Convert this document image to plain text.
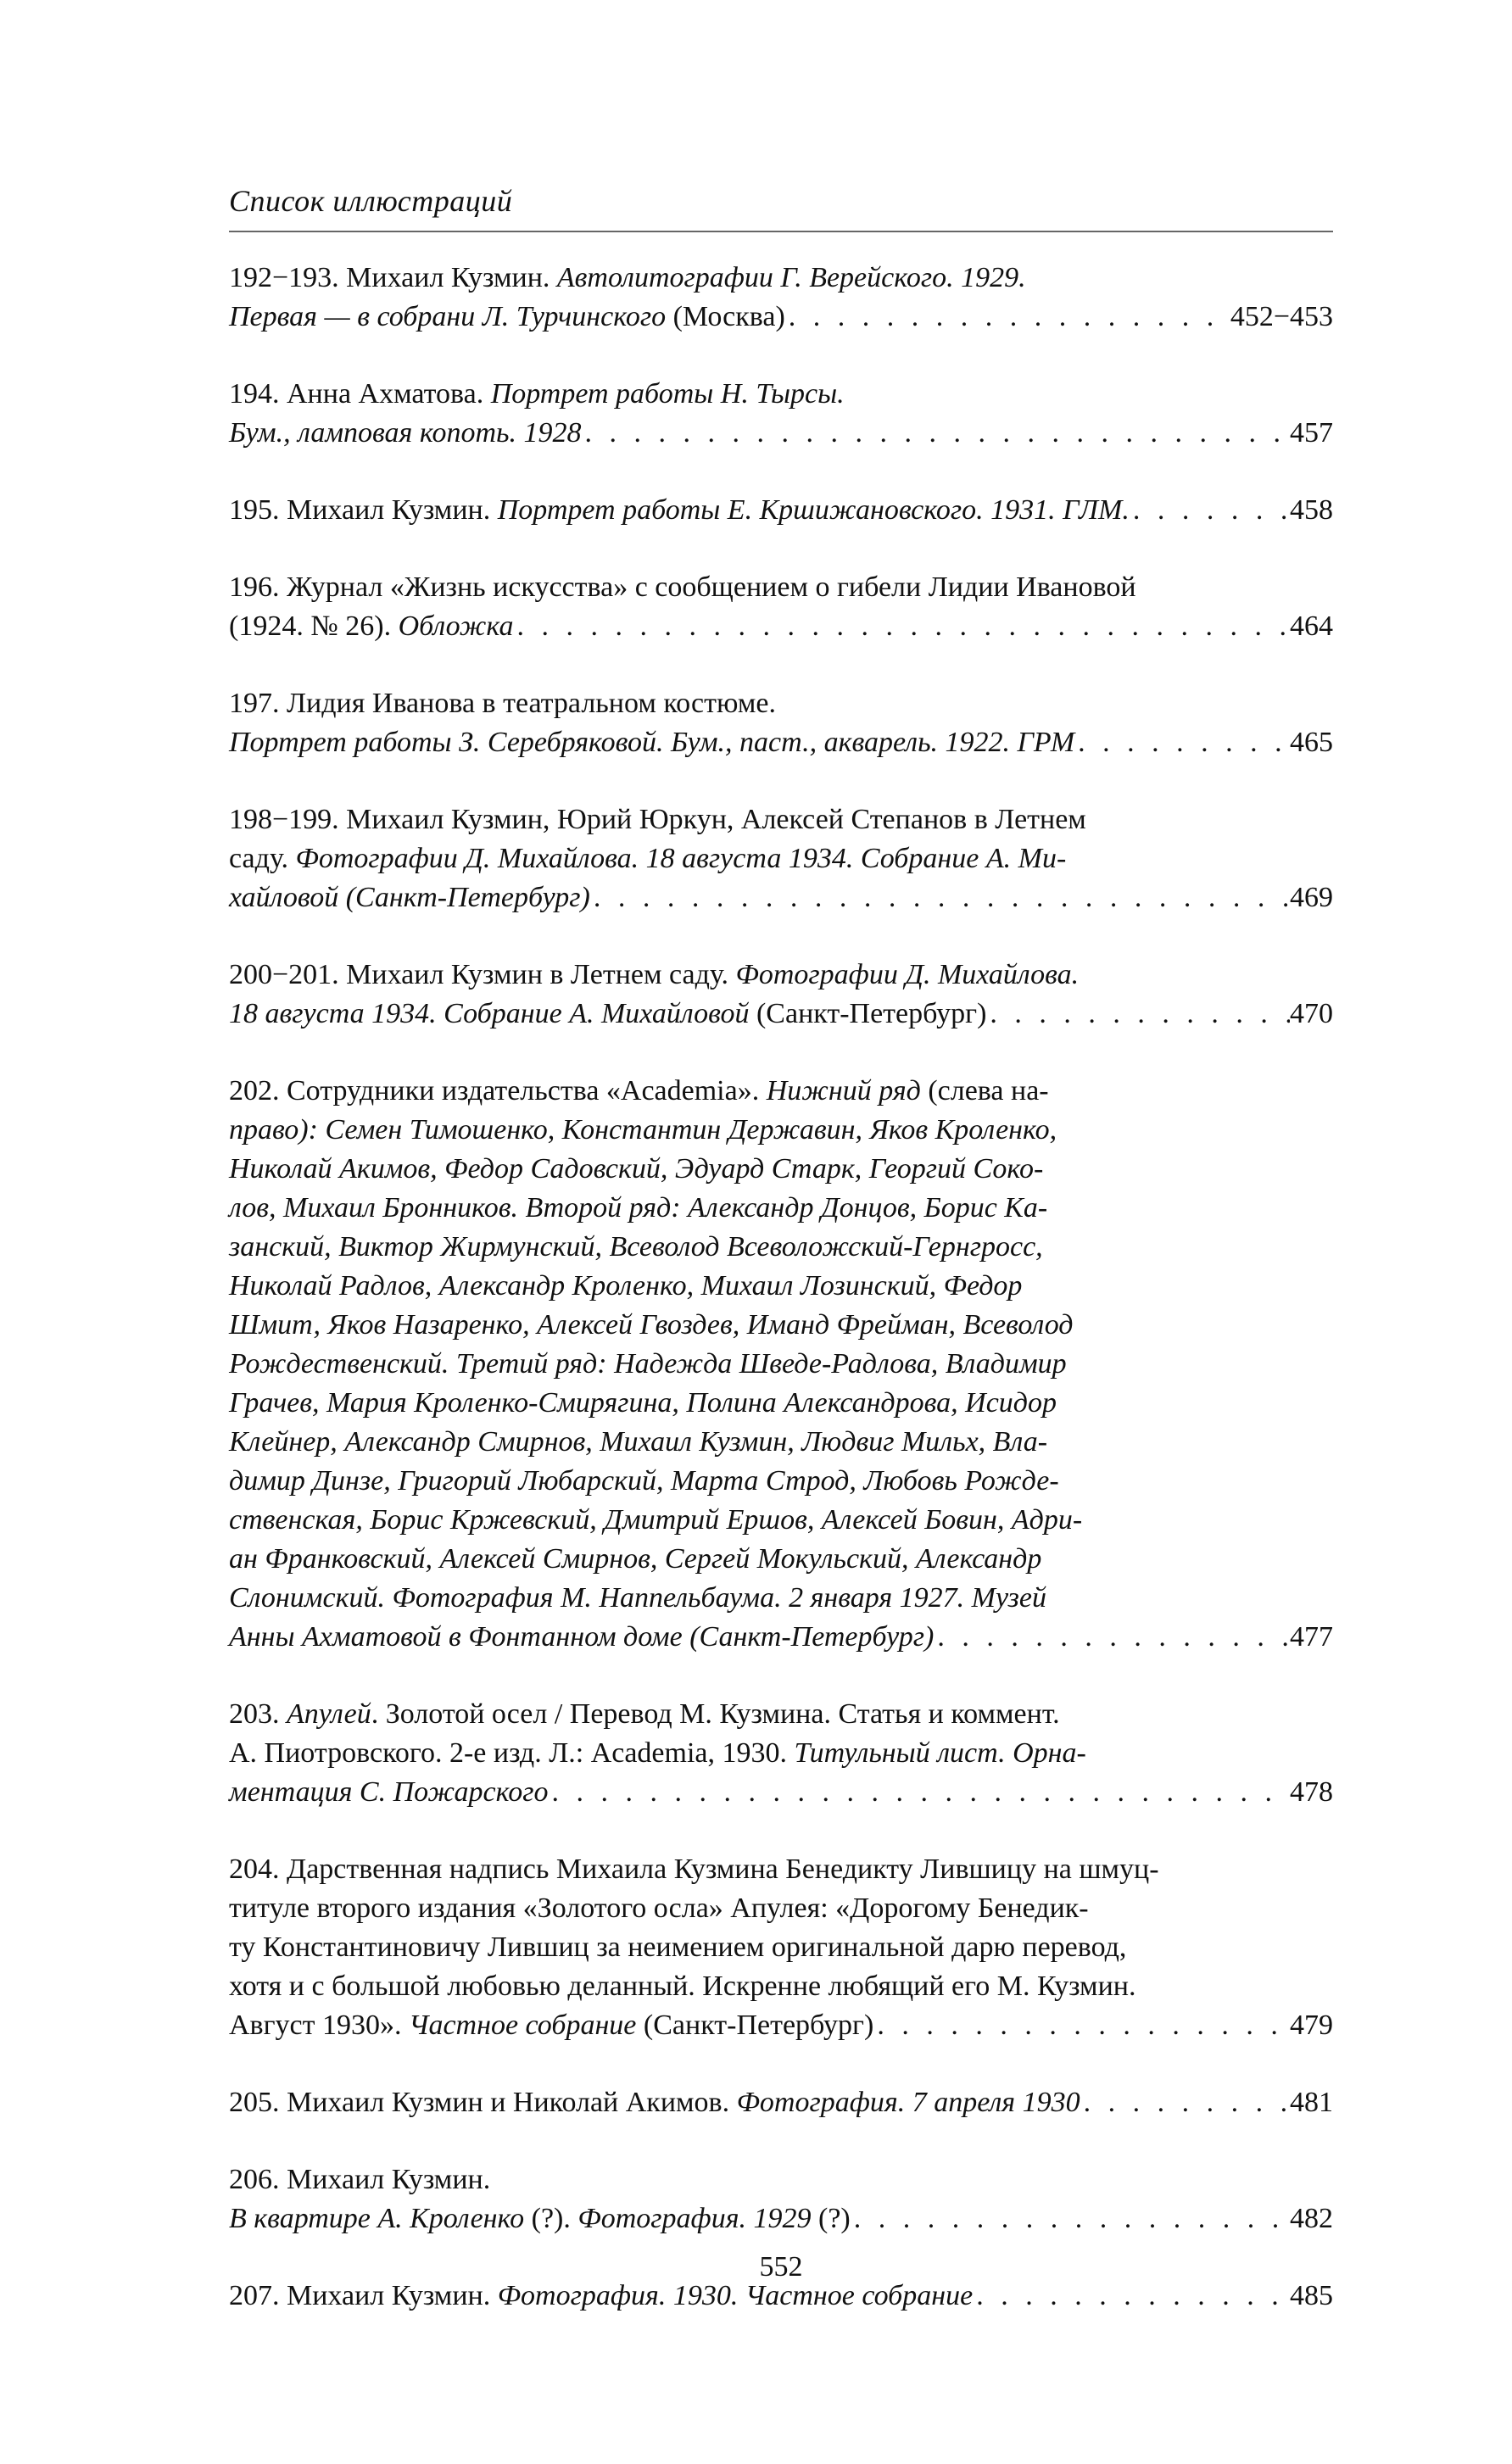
Список иллюстраций
192−193. Михаил Кузмин. Автолитографии Г. Верейского. 1929.
Первая — в собрани Л. Турчинского (Москва) . . .	452−453
194. Анна Ахматова. Портрет работы Н. Тырсы.
Бум., ламповая копоть. 1928 . . .	457
195. Михаил Кузмин. Портрет работы Е. Кршижановского. 1931. ГЛМ. . . .	458
196. Журнал «Жизнь искусства» с сообщением о гибели Лидии Ивановой
(1924. № 26). Обложка . . .	464
197. Лидия Иванова в театральном костюме.
Портрет работы З. Серебряковой. Бум., паст., акварель. 1922. ГРМ . . .	465
198−199. Михаил Кузмин, Юрий Юркун, Алексей Степанов в Летнем
саду. Фотографии Д. Михайлова. 18 августа 1934. Собрание А. Ми-
хайловой (Санкт-Петербург) . . .	469
200−201. Михаил Кузмин в Летнем саду. Фотографии Д. Михайлова.
18 августа 1934. Собрание А. Михайловой (Санкт-Петербург) . . .	470
202. Сотрудники издательства «Academia». Нижний ряд (слева на-
право): Семен Тимошенко, Константин Державин, Яков Кроленко,
Николай Акимов, Федор Садовский, Эдуард Старк, Георгий Соко-
лов, Михаил Бронников. Второй ряд: Александр Донцов, Борис Ка-
занский, Виктор Жирмунский, Всеволод Всеволожский-Гернгросс,
Николай Радлов, Александр Кроленко, Михаил Лозинский, Федор
Шмит, Яков Назаренко, Алексей Гвоздев, Иманд Фрейман, Всеволод
Рождественский. Третий ряд: Надежда Шведе-Радлова, Владимир
Грачев, Мария Кроленко-Смирягина, Полина Александрова, Исидор
Клейнер, Александр Смирнов, Михаил Кузмин, Людвиг Мильх, Вла-
димир Динзе, Григорий Любарский, Марта Строд, Любовь Рожде-
ственская, Борис Кржевский, Дмитрий Ершов, Алексей Бовин, Адри-
ан Франковский, Алексей Смирнов, Сергей Мокульский, Александр
Слонимский. Фотография М. Наппельбаума. 2 января 1927. Музей
Анны Ахматовой в Фонтанном доме (Санкт-Петербург) . . .	477
203. Апулей. Золотой осел / Перевод М. Кузмина. Статья и коммент.
А. Пиотровского. 2-е изд. Л.: Academia, 1930. Титульный лист. Орна-
ментация С. Пожарского . . .	478
204. Дарственная надпись Михаила Кузмина Бенедикту Лившицу на шмуц-
титуле второго издания «Золотого осла» Апулея: «Дорогому Бенедик-
ту Константиновичу Лившиц за неимением оригинальной дарю перевод,
хотя и с большой любовью деланный. Искренне любящий его М. Кузмин.
Август 1930». Частное собрание (Санкт-Петербург) . . .	479
205. Михаил Кузмин и Николай Акимов. Фотография. 7 апреля 1930 . . .	481
206. Михаил Кузмин.
В квартире А. Кроленко (?). Фотография. 1929 (?) . . .	482
207. Михаил Кузмин. Фотография. 1930. Частное собрание . . .	485
552
